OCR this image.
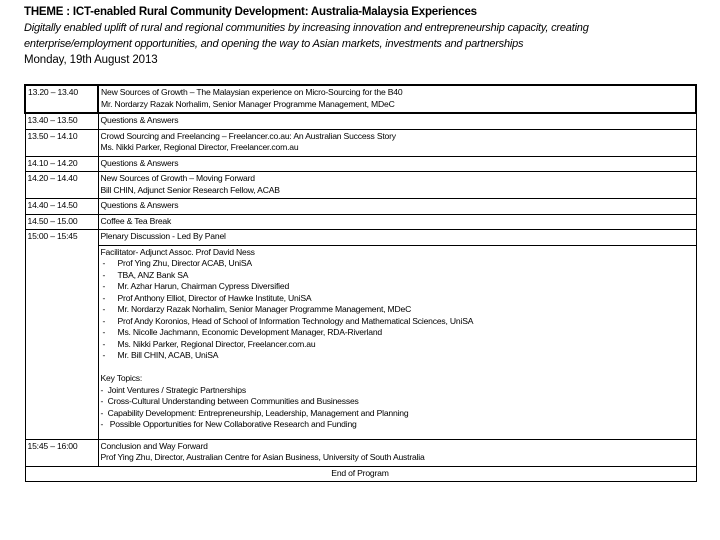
THEME : ICT-enabled Rural Community Development: Australia-Malaysia Experiences
Digitally enabled uplift of rural and regional communities by increasing innovation and entrepreneurship capacity, creating
enterprise/employment opportunities, and opening the way to Asian markets, investments and partnerships
Monday, 19th August 2013
13.20 – 13.40	New Sources of Growth – The Malaysian experience on Micro-Sourcing for the B40
Mr. Nordarzy Razak Norhalim, Senior Manager Programme Management, MDeC

13.40 – 13.50	Questions & Answers

13.50 – 14.10	Crowd Sourcing and Freelancing – Freelancer.co.au: An Australian Success Story
Ms. Nikki Parker, Regional Director, Freelancer.com.au

14.10 – 14.20	Questions & Answers

14.20 – 14.40	New Sources of Growth – Moving Forward
Bill CHIN, Adjunct Senior Research Fellow, ACAB

14.40 – 14.50	Questions & Answers

14.50 – 15.00	Coffee & Tea Break

15:00 – 15:45	Plenary Discussion - Led By Panel

Facilitator- Adjunct Assoc. Prof David Ness
- Prof Ying Zhu, Director ACAB, UniSA
- TBA, ANZ Bank SA
- Mr. Azhar Harun, Chairman Cypress Diversified
- Prof Anthony Elliot, Director of Hawke Institute, UniSA
- Mr. Nordarzy Razak Norhalim, Senior Manager Programme Management, MDeC
- Prof Andy Koronios, Head of School of Information Technology and Mathematical Sciences, UniSA
- Ms. Nicolle Jachmann, Economic Development Manager, RDA-Riverland
- Ms. Nikki Parker, Regional Director, Freelancer.com.au
- Mr. Bill CHIN, ACAB, UniSA
Key Topics:
- Joint Ventures / Strategic Partnerships
- Cross-Cultural Understanding between Communities and Businesses
- Capability Development: Entrepreneurship, Leadership, Management and Planning
- Possible Opportunities for New Collaborative Research and Funding

15:45 – 16:00	Conclusion and Way Forward
Prof Ying Zhu, Director, Australian Centre for Asian Business, University of South Australia

End of Program	
